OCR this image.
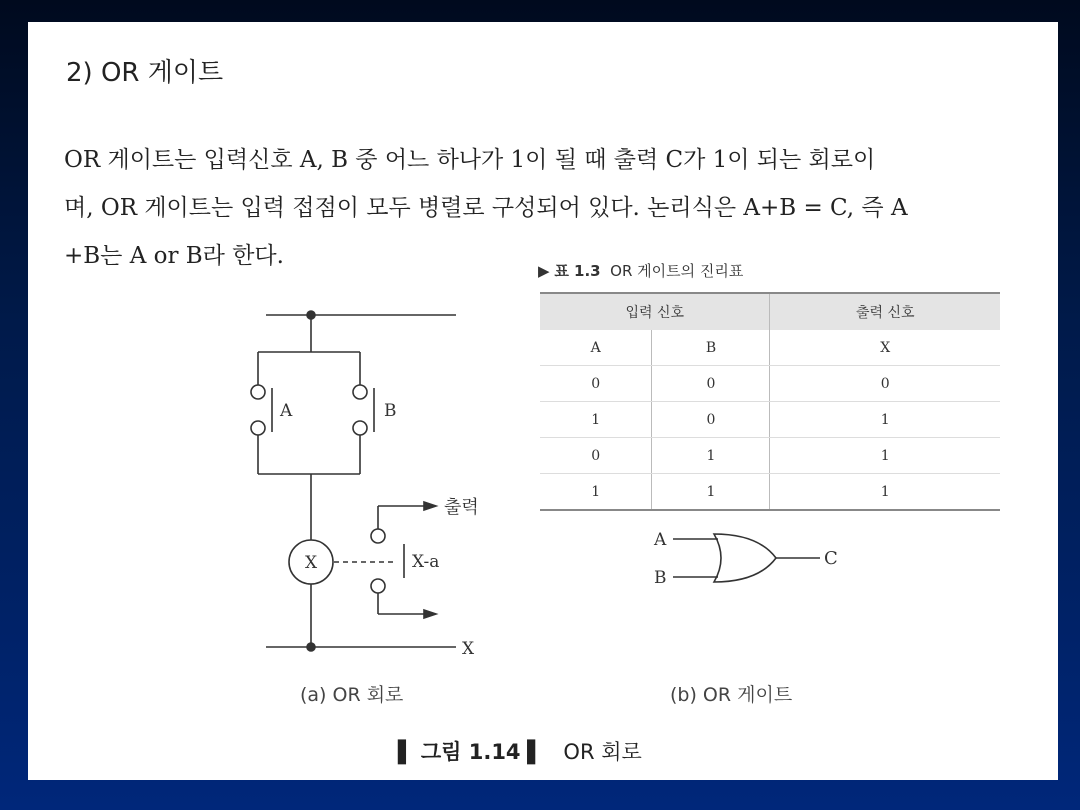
2) OR 게이트

OR 게이트는 입력신호 A, B 중 어느 하나가 1이 될 때 출력 C가 1이 되는 회로이
며, OR 게이트는 입력 접점이 모두 병렬로 구성되어 있다. 논리식은 A+B = C, 즉 A
+B는 A or B라 한다.

▶ 표 1.3 OR 게이트의 진리표
입력 신호		출력 신호
A	B	X
0	0	0
1	0	1
0	1	1
1	1	1
A	B
X	X-a
출력
X
A
B
C
(a) OR 회로	(b) OR 게이트
▌ 그림 1.14 ▌ OR 회로
